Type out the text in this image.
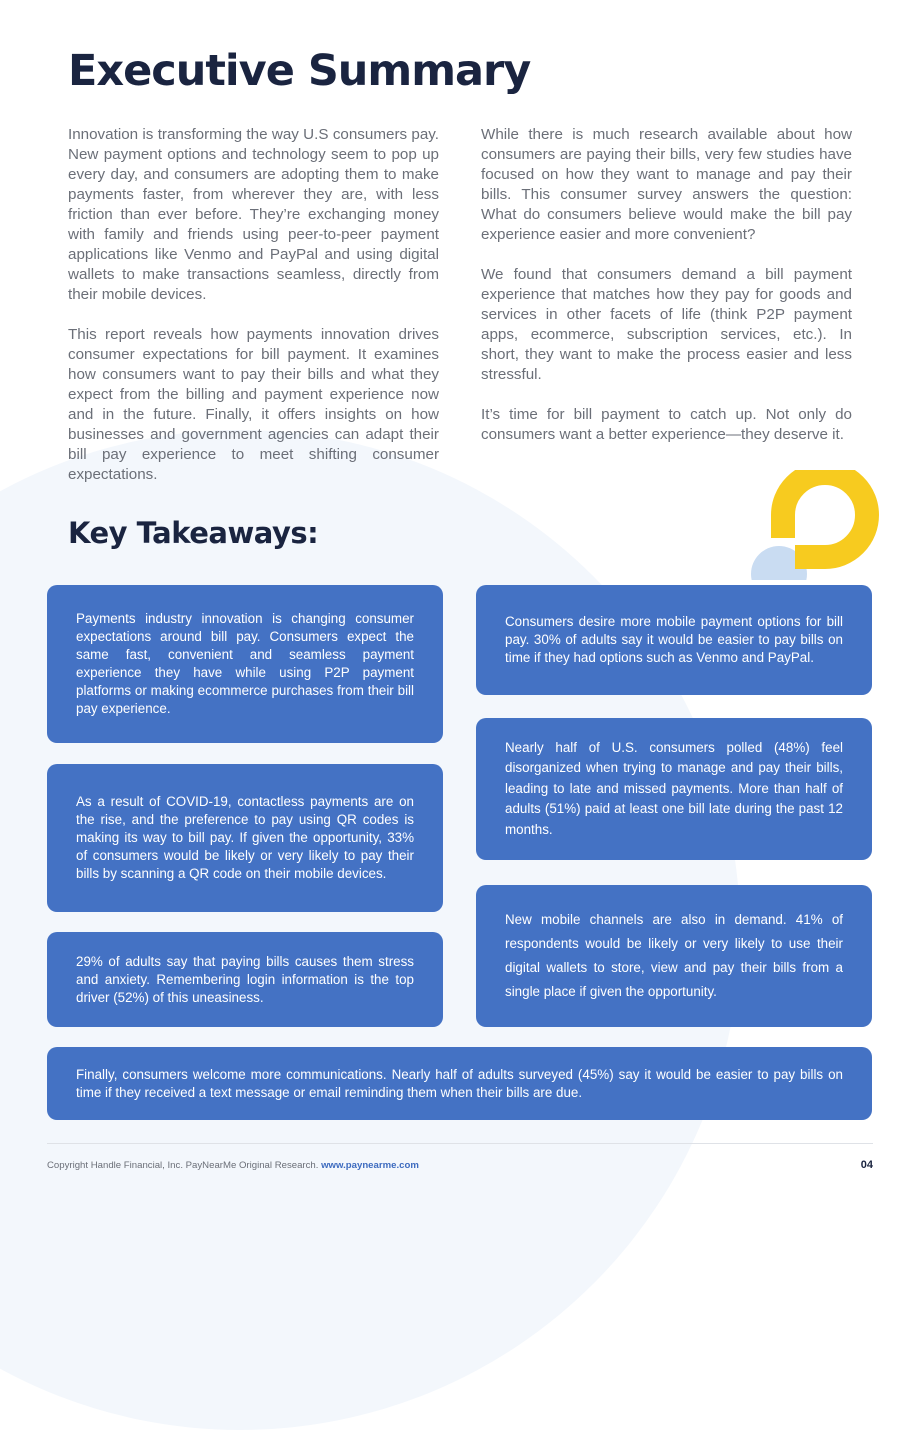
Executive Summary

Innovation is transforming the way U.S consumers pay. New payment options and technology seem to pop up every day, and consumers are adopting them to make payments faster, from wherever they are, with less friction than ever before. They’re exchanging money with family and friends using peer-to-peer payment applications like Venmo and PayPal and using digital wallets to make transactions seamless, directly from their mobile devices.

This report reveals how payments innovation drives consumer expectations for bill payment. It examines how consumers want to pay their bills and what they expect from the billing and payment experience now and in the future. Finally, it offers insights on how businesses and government agencies can adapt their bill pay experience to meet shifting consumer expectations.

While there is much research available about how consumers are paying their bills, very few studies have focused on how they want to manage and pay their bills. This consumer survey answers the question: What do consumers believe would make the bill pay experience easier and more convenient?

We found that consumers demand a bill payment experience that matches how they pay for goods and services in other facets of life (think P2P payment apps, ecommerce, subscription services, etc.). In short, they want to make the process easier and less stressful.

It’s time for bill payment to catch up. Not only do consumers want a better experience—they deserve it.

Key Takeaways:
Payments industry innovation is changing consumer expectations around bill pay. Consumers expect the same fast, convenient and seamless payment experience they have while using P2P payment platforms or making ecommerce purchases from their bill pay experience.
Consumers desire more mobile payment options for bill pay. 30% of adults say it would be easier to pay bills on time if they had options such as Venmo and PayPal.
As a result of COVID-19, contactless payments are on the rise, and the preference to pay using QR codes is making its way to bill pay. If given the opportunity, 33% of consumers would be likely or very likely to pay their bills by scanning a QR code on their mobile devices.
Nearly half of U.S. consumers polled (48%) feel disorganized when trying to manage and pay their bills, leading to late and missed payments. More than half of adults (51%) paid at least one bill late during the past 12 months.
29% of adults say that paying bills causes them stress and anxiety. Remembering login information is the top driver (52%) of this uneasiness.
New mobile channels are also in demand. 41% of respondents would be likely or very likely to use their digital wallets to store, view and pay their bills from a single place if given the opportunity.
Finally, consumers welcome more communications. Nearly half of adults surveyed (45%) say it would be easier to pay bills on time if they received a text message or email reminding them when their bills are due.
Copyright Handle Financial, Inc. PayNearMe Original Research. www.paynearme.com	04
